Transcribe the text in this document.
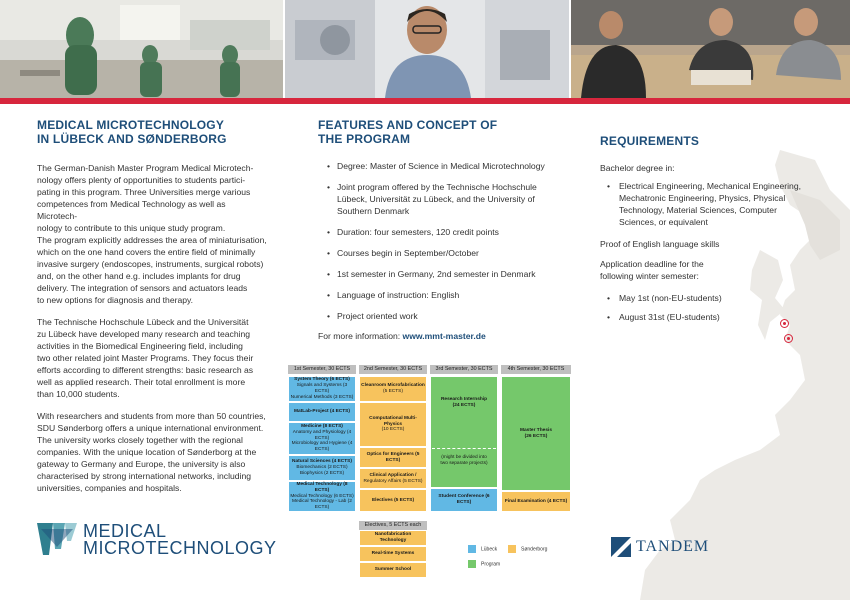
MEDICAL MICROTECHNOLOGY
IN LÜBECK AND SØNDERBORG

The German-Danish Master Program Medical Microtech-
nology offers plenty of opportunities to students partici-
pating in this program. Three Universities merge various
competences from Medical Technology as well as Microtech-
nology to contribute to this unique study program.
The program explicitly addresses the area of miniaturisation,
which on the one hand covers the entire field of minimally
invasive surgery (endoscopes, instruments, surgical robots)
and, on the other hand e.g. includes implants for drug
delivery. The integration of sensors and actuators leads
to new options for diagnosis and therapy.

The Technische Hochschule Lübeck and the Universität
zu Lübeck have developed many research and teaching
activities in the Biomedical Engineering field, including
two other related joint Master Programs. They focus their
efforts according to different strengths: basic research as
well as applied research. Their total enrollment is more
than 10,000 students.

With researchers and students from more than 50 countries,
SDU Sønderborg offers a unique international environment.
The university works closely together with the regional
companies. With the unique location of Sønderborg at the
gateway to Germany and Europe, the university is also
characterised by strong international networks, including
universities, companies and hospitals.

FEATURES AND CONCEPT OF
THE PROGRAM
• Degree: Master of Science in Medical Microtechnology
• Joint program offered by the Technische Hochschule
Lübeck, Universität zu Lübeck, and the University of
Southern Denmark
• Duration: four semesters, 120 credit points
• Courses begin in September/October
• 1st semester in Germany, 2nd semester in Denmark
• Language of instruction: English
• Project oriented work
For more information: www.mmt-master.de
REQUIREMENTS

Bachelor degree in:

• Electrical Engineering, Mechanical Engineering,
Mechatronic Engineering, Physics, Physical
Technology, Material Sciences, Computer
Sciences, or equivalent

Proof of English language skills

Application deadline for the
following winter semester:

• May 1st (non-EU-students)
• August 31st (EU-students)
1st Semester, 30 ECTS	2nd Semester, 30 ECTS	3rd Semester, 30 ECTS	4th Semester, 30 ECTS
System Theory (6 ECTS)
Signals and Systems (3 ECTS)
Numerical Methods (3 ECTS)
MatLab-Project (4 ECTS)
Medicine (8 ECTS)
Anatomy and Physiology (4 ECTS)
Microbiology and Hygiene (4 ECTS)
Natural Sciences (4 ECTS)
Biomechanics (2 ECTS)
Biophysics (2 ECTS)
Medical Technology (8 ECTS)
Medical Technology (6 ECTS)
Medical Technology - Lab (2 ECTS)
Cleanroom Microfabrication
(5 ECTS)
Computational Multi-Physics
(10 ECTS)
Optics for Engineers (5 ECTS)
Clinical Application /
Regulatory Affairs (5 ECTS)
Electives (5 ECTS)
Research Internship
(24 ECTS)
(might be divided into
two separate projects)
Student Conference (6 ECTS)
Master Thesis
(26 ECTS)
Final Examination (4 ECTS)
Electives, 5 ECTS each
Nanofabrication Technology
Real-time Systems
Summer School
Lübeck	Sønderborg
Program
MEDICAL
MICROTECHNOLOGY	TANDEM
